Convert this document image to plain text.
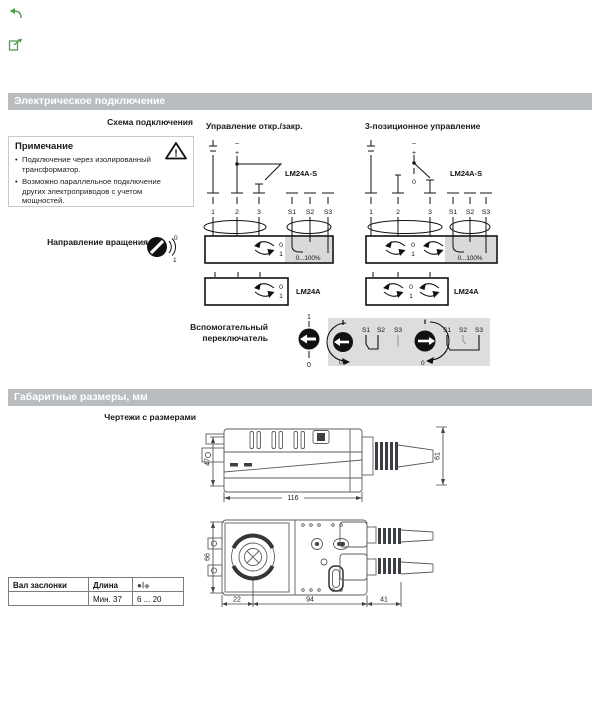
Электрическое подключение
Схема подключения
Примечание
!
• Подключение через изолированный трансформатор.
• Возможно параллельное подключение других электроприводов с учетом мощностей.
Управление откр./закр.	3-позиционное управление
~
+
LM24A-S
1	2	3	S1 S2 S3
0...100%
0
1
0
1
LM24A
~
+
0
LM24A-S
1	2	3 S1 S2 S3
0...100%
0
1
0
1
LM24A
Направление вращения	0
1
Вспомогательный
переключатель
1
0	0
S1 S2 S3
0
S1 S2 S3
Габаритные размеры, мм
Чертежи с размерами
47
116
61
66
22	94	41
Вал заслонки	Длина	●Ⅰ◆
	Мин. 37	6 ... 20
